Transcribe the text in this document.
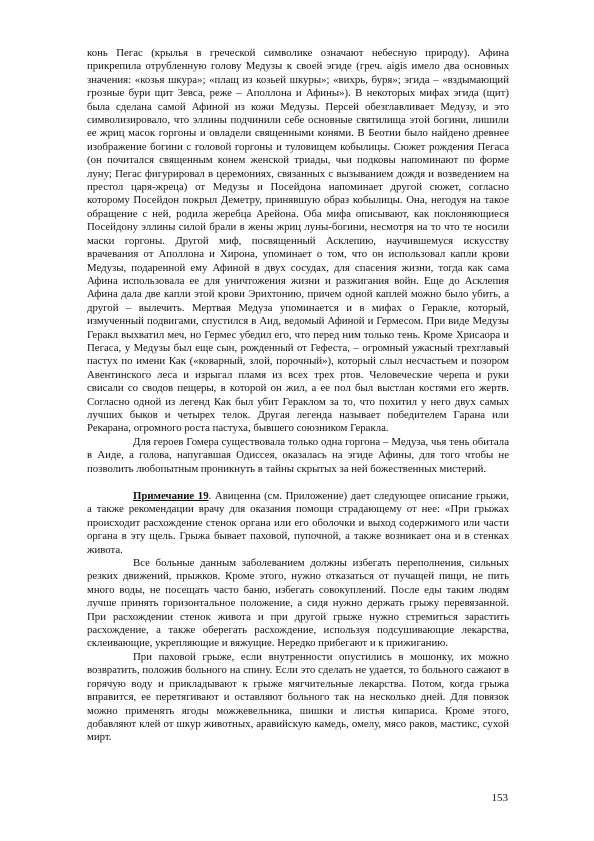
конь Пегас (крылья в греческой символике означают небесную природу). Афина прикрепила отрубленную голову Медузы к своей эгиде (греч. aigis имело два основных значения: «козья шкура»; «плащ из козьей шкуры»; «вихрь, буря»; эгида – «вздымающий грозные бури щит Зевса, реже – Аполлона и Афины»). В некоторых мифах эгида (щит) была сделана самой Афиной из кожи Медузы. Персей обезглавливает Медузу, и это символизировало, что эллины подчинили себе основные святилища этой богини, лишили ее жриц масок горгоны и овладели священными конями. В Беотии было найдено древнее изображение богини с головой горгоны и туловищем кобылицы. Сюжет рождения Пегаса (он почитался священным конем женской триады, чьи подковы напоминают по форме луну; Пегас фигурировал в церемониях, связанных с вызыванием дождя и возведением на престол царя-жреца) от Медузы и Посейдона напоминает другой сюжет, согласно которому Посейдон покрыл Деметру, принявшую образ кобылицы. Она, негодуя на такое обращение с ней, родила жеребца Арейона. Оба мифа описывают, как поклоняющиеся Посейдону эллины силой брали в жены жриц луны-богини, несмотря на то что те носили маски горгоны. Другой миф, посвященный Асклепию, научившемуся искусству врачевания от Аполлона и Хирона, упоминает о том, что он использовал капли крови Медузы, подаренной ему Афиной в двух сосудах, для спасения жизни, тогда как сама Афина использовала ее для уничтожения жизни и разжигания войн. Еще до Асклепия Афина дала две капли этой крови Эрихтонию, причем одной каплей можно было убить, а другой – вылечить. Мертвая Медуза упоминается и в мифах о Геракле, который, измученный подвигами, спустился в Аид, ведомый Афиной и Гермесом. При виде Медузы Геракл выхватил меч, но Гермес убедил его, что перед ним только тень. Кроме Хрисаора и Пегаса, у Медузы был еще сын, рожденный от Гефеста, – огромный ужасный трехглавый пастух по имени Как («коварный, злой, порочный»), который слыл несчастьем и позором Авентинского леса и изрыгал пламя из всех трех ртов. Человеческие черепа и руки свисали со сводов пещеры, в которой он жил, а ее пол был выстлан костями его жертв. Согласно одной из легенд Как был убит Гераклом за то, что похитил у него двух самых лучших быков и четырех телок. Другая легенда называет победителем Гарана или Рекарана, огромного роста пастуха, бывшего союзником Геракла.

Для героев Гомера существовала только одна горгона – Медуза, чья тень обитала в Аиде, а голова, напугавшая Одиссея, оказалась на эгиде Афины, для того чтобы не позволить любопытным проникнуть в тайны скрытых за ней божественных мистерий.

Примечание 19. Авиценна (см. Приложение) дает следующее описание грыжи, а также рекомендации врачу для оказания помощи страдающему от нее: «При грыжах происходит расхождение стенок органа или его оболочки и выход содержимого или части органа в эту щель. Грыжа бывает паховой, пупочной, а также возникает она и в стенках живота.

Все больные данным заболеванием должны избегать переполнения, сильных резких движений, прыжков. Кроме этого, нужно отказаться от пучащей пищи, не пить много воды, не посещать часто баню, избегать совокуплений. После еды таким людям лучше принять горизонтальное положение, а сидя нужно держать грыжу перевязанной. При расхождении стенок живота и при другой грыже нужно стремиться зарастить расхождение, а также оберегать расхождение, используя подсушивающие лекарства, склеивающие, укрепляющие и вяжущие. Нередко прибегают и к прижиганию.

При паховой грыже, если внутренности опустились в мошонку, их можно возвратить, положив больного на спину. Если это сделать не удается, то больного сажают в горячую воду и прикладывают к грыже мягчительные лекарства. Потом, когда грыжа вправится, ее перетягивают и оставляют больного так на несколько дней. Для повязок можно применять ягоды можжевельника, шишки и листья кипариса. Кроме этого, добавляют клей от шкур животных, аравийскую камедь, омелу, мясо раков, мастикс, сухой мирт.

153
